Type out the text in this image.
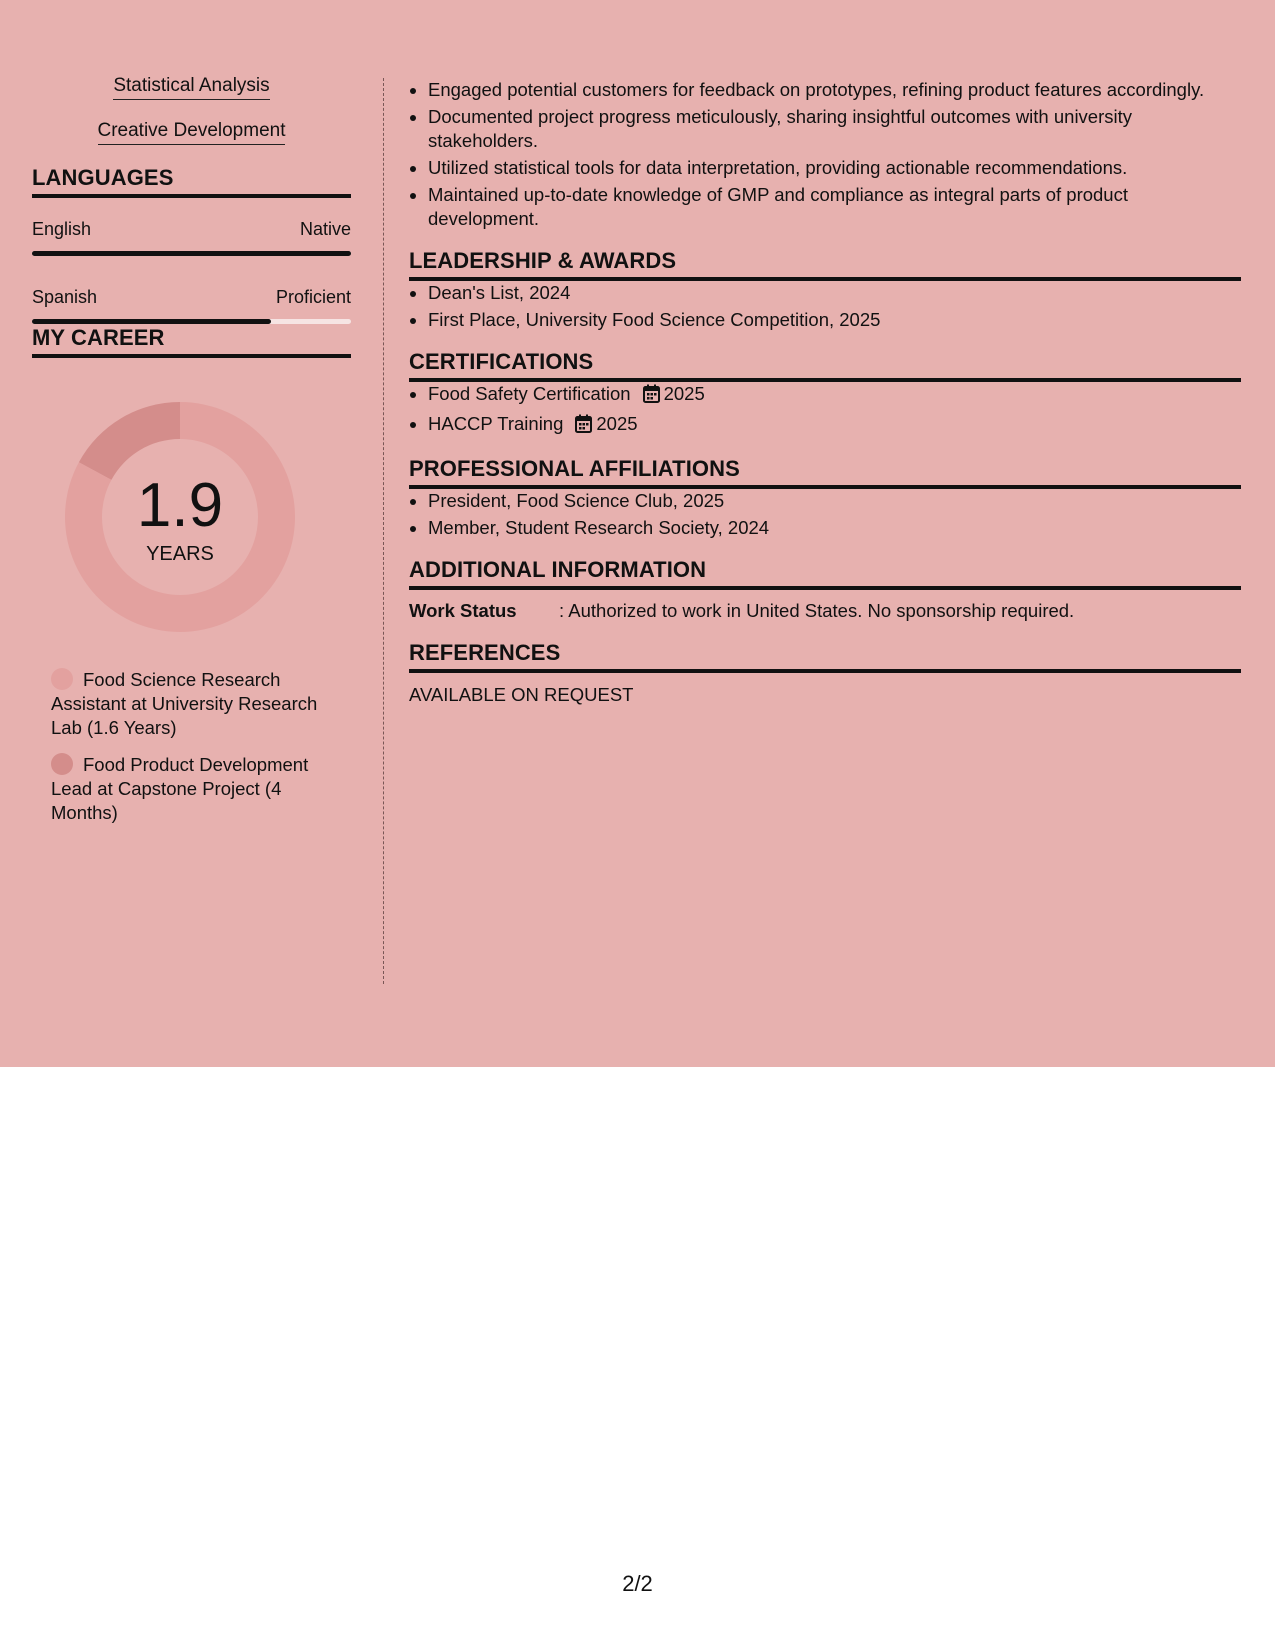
Statistical Analysis
Creative Development
LANGUAGES
English	Native
Spanish	Proficient
MY CAREER
1.9
YEARS
Food Science Research Assistant at University Research Lab (1.6 Years)
Food Product Development Lead at Capstone Project (4 Months)
• Engaged potential customers for feedback on prototypes, refining product features accordingly.
• Documented project progress meticulously, sharing insightful outcomes with university stakeholders.
• Utilized statistical tools for data interpretation, providing actionable recommendations.
• Maintained up-to-date knowledge of GMP and compliance as integral parts of product development.
LEADERSHIP & AWARDS
• Dean's List, 2024
• First Place, University Food Science Competition, 2025
CERTIFICATIONS
• Food Safety Certification 2025
• HACCP Training 2025
PROFESSIONAL AFFILIATIONS
• President, Food Science Club, 2025
• Member, Student Research Society, 2024
ADDITIONAL INFORMATION
Work Status	: Authorized to work in United States. No sponsorship required.
REFERENCES
AVAILABLE ON REQUEST
2/2
